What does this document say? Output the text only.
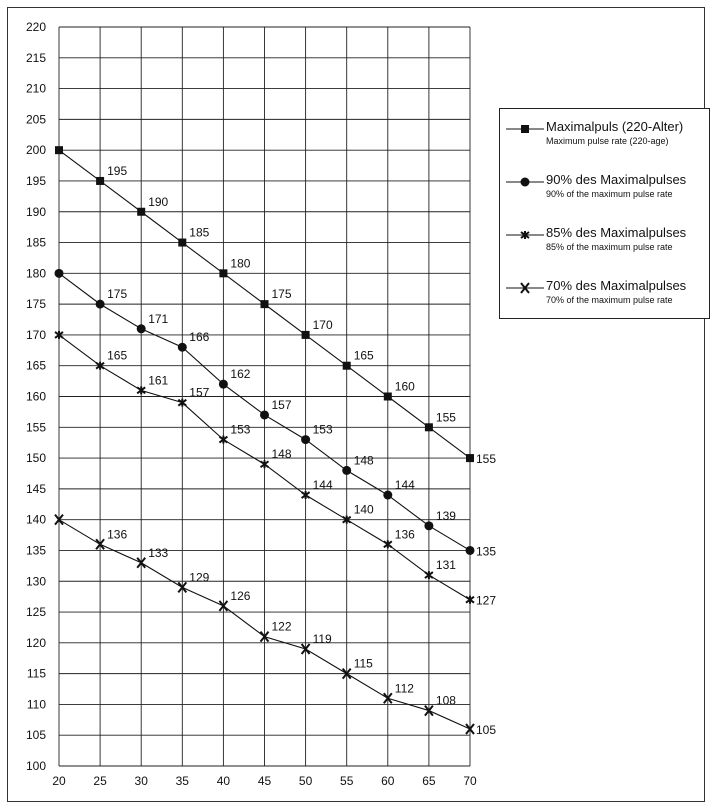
100
105
110
115
120
125
130
135
140
145
150
155
160
165
170
175
180
185
190
195
200
205
210
215
220
20 25 30 35 40 45 50 55 60 65 70
195
190
185
180
175
170
165
160
155
155
175
171
166
162
157
153
148
144
139
135
165
161
157
153
148
144
140
136
131
127
136
133
129
126
122
119
115
112
108
105
Maximalpuls (220-Alter)
Maximum pulse rate (220-age)
90% des Maximalpulses
90% of the maximum pulse rate
85% des Maximalpulses
85% of the maximum pulse rate
70% des Maximalpulses
70% of the maximum pulse rate
